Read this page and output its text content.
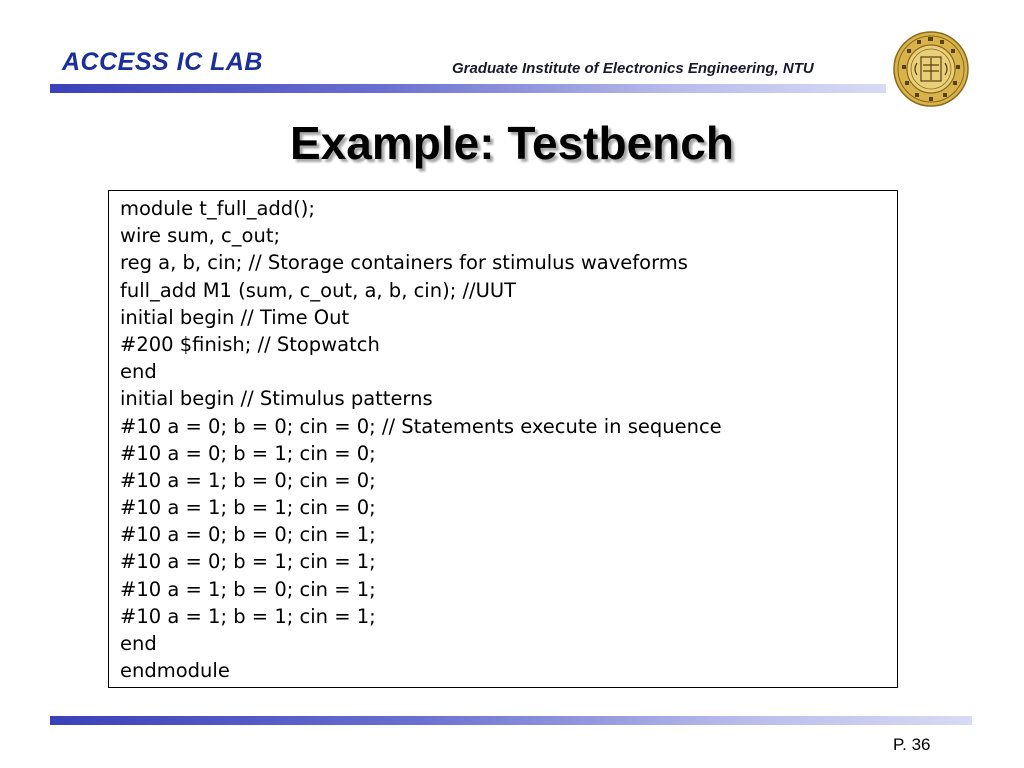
ACCESS IC LAB	Graduate Institute of Electronics Engineering, NTU
Example: Testbench
module t_full_add();
wire sum, c_out;
reg a, b, cin; // Storage containers for stimulus waveforms
full_add M1 (sum, c_out, a, b, cin); //UUT
initial begin // Time Out
#200 $finish; // Stopwatch
end
initial begin // Stimulus patterns
#10 a = 0; b = 0; cin = 0; // Statements execute in sequence
#10 a = 0; b = 1; cin = 0;
#10 a = 1; b = 0; cin = 0;
#10 a = 1; b = 1; cin = 0;
#10 a = 0; b = 0; cin = 1;
#10 a = 0; b = 1; cin = 1;
#10 a = 1; b = 0; cin = 1;
#10 a = 1; b = 1; cin = 1;
end
endmodule
P. 36
